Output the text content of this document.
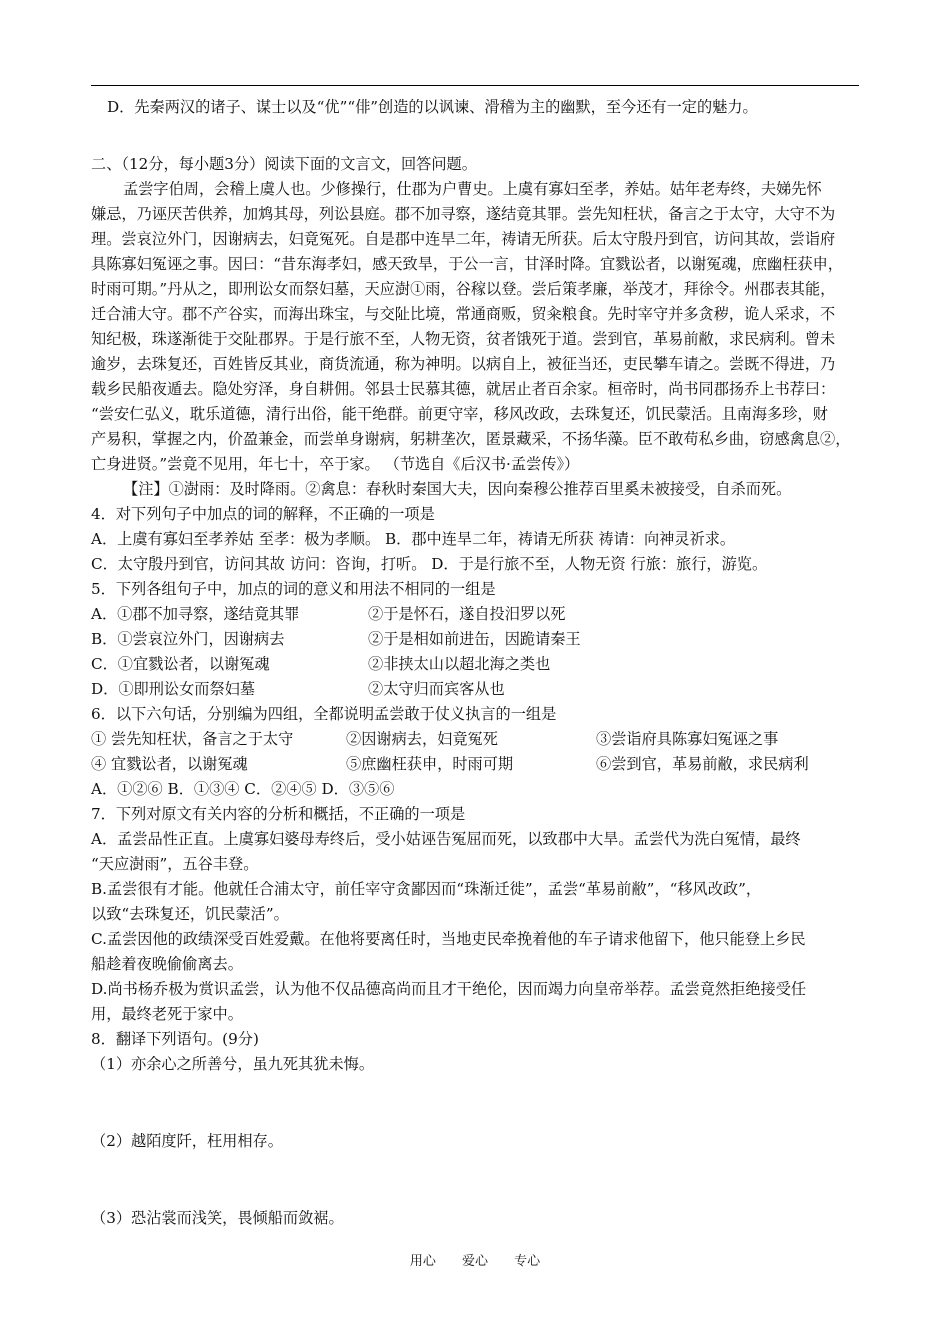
D．先秦两汉的诸子、谋士以及“优”“俳”创造的以讽谏、滑稽为主的幽默，至今还有一定的魅力。
二、（12分，每小题3分）阅读下面的文言文，回答问题。
孟尝字伯周，会稽上虞人也。少修操行，仕郡为户曹史。上虞有寡妇至孝，养姑。姑年老寿终，夫娣先怀
嫌忌，乃诬厌苦供养，加鸩其母，列讼县庭。郡不加寻察，遂结竟其罪。尝先知枉状，备言之于太守，大守不为
理。尝哀泣外门，因谢病去，妇竟冤死。自是郡中连旱二年，祷请无所获。后太守殷丹到官，访问其故，尝诣府
具陈寡妇冤诬之事。因曰：“昔东海孝妇，感天致旱，于公一言，甘泽时降。宜戮讼者，以谢冤魂，庶幽枉获申，
时雨可期。”丹从之，即刑讼女而祭妇墓，天应澍①雨，谷稼以登。尝后策孝廉，举茂才，拜徐令。州郡表其能，
迁合浦大守。郡不产谷实，而海出珠宝，与交阯比境，常通商贩，贸籴粮食。先时宰守并多贪秽，诡人采求，不
知纪极，珠遂渐徙于交阯郡界。于是行旅不至，人物无资，贫者饿死于道。尝到官，革易前敝，求民病利。曾未
逾岁，去珠复还，百姓皆反其业，商货流通，称为神明。以病自上，被征当还，吏民攀车请之。尝既不得进，乃
载乡民船夜遁去。隐处穷泽，身自耕佣。邻县士民慕其德，就居止者百余家。桓帝时，尚书同郡扬乔上书荐曰：
“尝安仁弘义，耽乐道德，清行出俗，能干绝群。前更守宰，移风改政，去珠复还，饥民蒙活。且南海多珍，财
产易积，掌握之内，价盈兼金，而尝单身谢病，躬耕垄次，匿景藏采，不扬华藻。臣不敢苟私乡曲，窃感禽息②，
亡身进贤。”尝竟不见用，年七十，卒于家。 （节选自《后汉书·孟尝传》）
【注】①澍雨：及时降雨。②禽息：春秋时秦国大夫，因向秦穆公推荐百里奚未被接受，自杀而死。
4．对下列句子中加点的词的解释，不正确的一项是
A．上虞有寡妇至孝养姑 至孝：极为孝顺。 B．郡中连旱二年，祷请无所获 祷请：向神灵祈求。
C．太守殷丹到官，访问其故 访问：咨询，打听。 D．于是行旅不至，人物无资 行旅：旅行，游览。
5．下列各组句子中，加点的词的意义和用法不相同的一组是
A．①郡不加寻察，遂结竟其罪	②于是怀石，遂自投汨罗以死
B．①尝哀泣外门，因谢病去	②于是相如前进缶，因跪请秦王
C．①宜戮讼者，以谢冤魂	②非挟太山以超北海之类也
D．①即刑讼女而祭妇墓	②太守归而宾客从也
6．以下六句话，分别编为四组，全都说明孟尝敢于仗义执言的一组是
① 尝先知枉状，备言之于太守	②因谢病去，妇竟冤死	③尝诣府具陈寡妇冤诬之事
④ 宜戮讼者，以谢冤魂	⑤庶幽枉获申，时雨可期	⑥尝到官，革易前敝，求民病利
A．①②⑥ B．①③④ C．②④⑤ D．③⑤⑥
7．下列对原文有关内容的分析和概括，不正确的一项是
A．孟尝品性正直。上虞寡妇婆母寿终后，受小姑诬告冤屈而死，以致郡中大旱。孟尝代为洗白冤情，最终
“天应澍雨”，五谷丰登。
B.孟尝很有才能。他就任合浦太守，前任宰守贪鄙因而“珠渐迁徙”，孟尝“革易前敝”，“移风改政”，
以致“去珠复还，饥民蒙活”。
C.孟尝因他的政绩深受百姓爱戴。在他将要离任时，当地吏民牵挽着他的车子请求他留下，他只能登上乡民
船趁着夜晚偷偷离去。
D.尚书杨乔极为赏识孟尝，认为他不仅品德高尚而且才干绝伦，因而竭力向皇帝举荐。孟尝竟然拒绝接受任
用，最终老死于家中。
8．翻译下列语句。(9分)
（1）亦余心之所善兮，虽九死其犹未悔。
（2）越陌度阡，枉用相存。
（3）恐沾裳而浅笑，畏倾船而敛裾。
用心 爱心 专心
